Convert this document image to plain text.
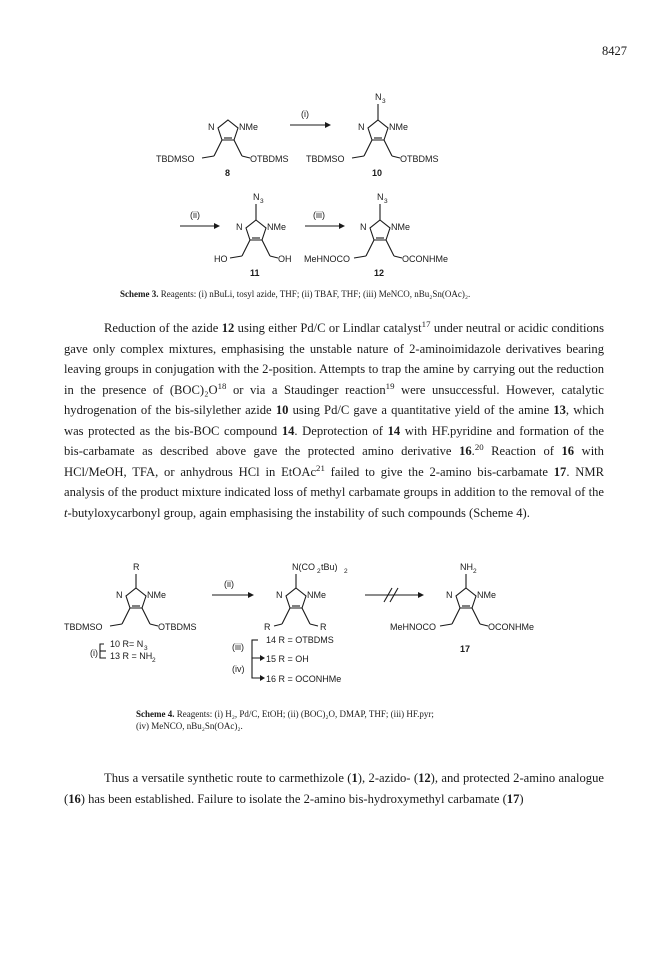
8427
N	NMe
TBDMSO	OTBDMS
8
(i)
N 3
N	NMe
TBDMSO	OTBDMS
10
(ii)
N 3
N	NMe
HO	OH
11
(iii)
N 3
N	NMe
MeHNOCO	OCONHMe
12
Scheme 3. Reagents: (i) nBuLi, tosyl azide, THF; (ii) TBAF, THF; (iii) MeNCO, nBu₂Sn(OAc)₂.

Reduction of the azide 12 using either Pd/C or Lindlar catalyst$^{17}$ under neutral or acidic conditions gave only complex mixtures, emphasising the unstable nature of 2-aminoimidazole derivatives bearing leaving groups in conjugation with the 2-position. Attempts to trap the amine by carrying out the reduction in the presence of $(BOC)_2O^{18}$ or via a Staudinger reaction$^{19}$ were unsuccessful. However, catalytic hydrogenation of the bis-silylether azide 10 using Pd/C gave a quantitative yield of the amine 13, which was protected as the bis-BOC compound 14. Deprotection of 14 with HF.pyridine and formation of the bis-carbamate as described above gave the protected amino derivative 16.20 Reaction of 16 with HCl/MeOH, TFA, or anhydrous HCl in EtOAc$^{21}$ failed to give the 2-amino bis-carbamate 17. NMR analysis of the product mixture indicated loss of methyl carbamate groups in addition to the removal of the t-butyloxycarbonyl group, again emphasising the instability of such compounds (Scheme 4).

R
N	NMe
TBDMSO	OTBDMS
(i)
10 R= N 3
13 R = NH 2
(ii)
N(CO 2 tBu) 2
N	NMe
R	R
(iii)
(iv)
14 R = OTBDMS
15 R = OH
16 R = OCONHMe
NH 2
N	NMe
MeHNOCO	OCONHMe
17
Scheme 4. Reagents: (i) H₂, Pd/C, EtOH; (ii) (BOC)₂O, DMAP, THF; (iii) HF.pyr;
(iv) MeNCO, nBu₂Sn(OAc)₂.

Thus a versatile synthetic route to carmethizole (1), 2-azido- (12), and protected 2-amino analogue (16) has been established. Failure to isolate the 2-amino bis-hydroxymethyl carbamate (17)
